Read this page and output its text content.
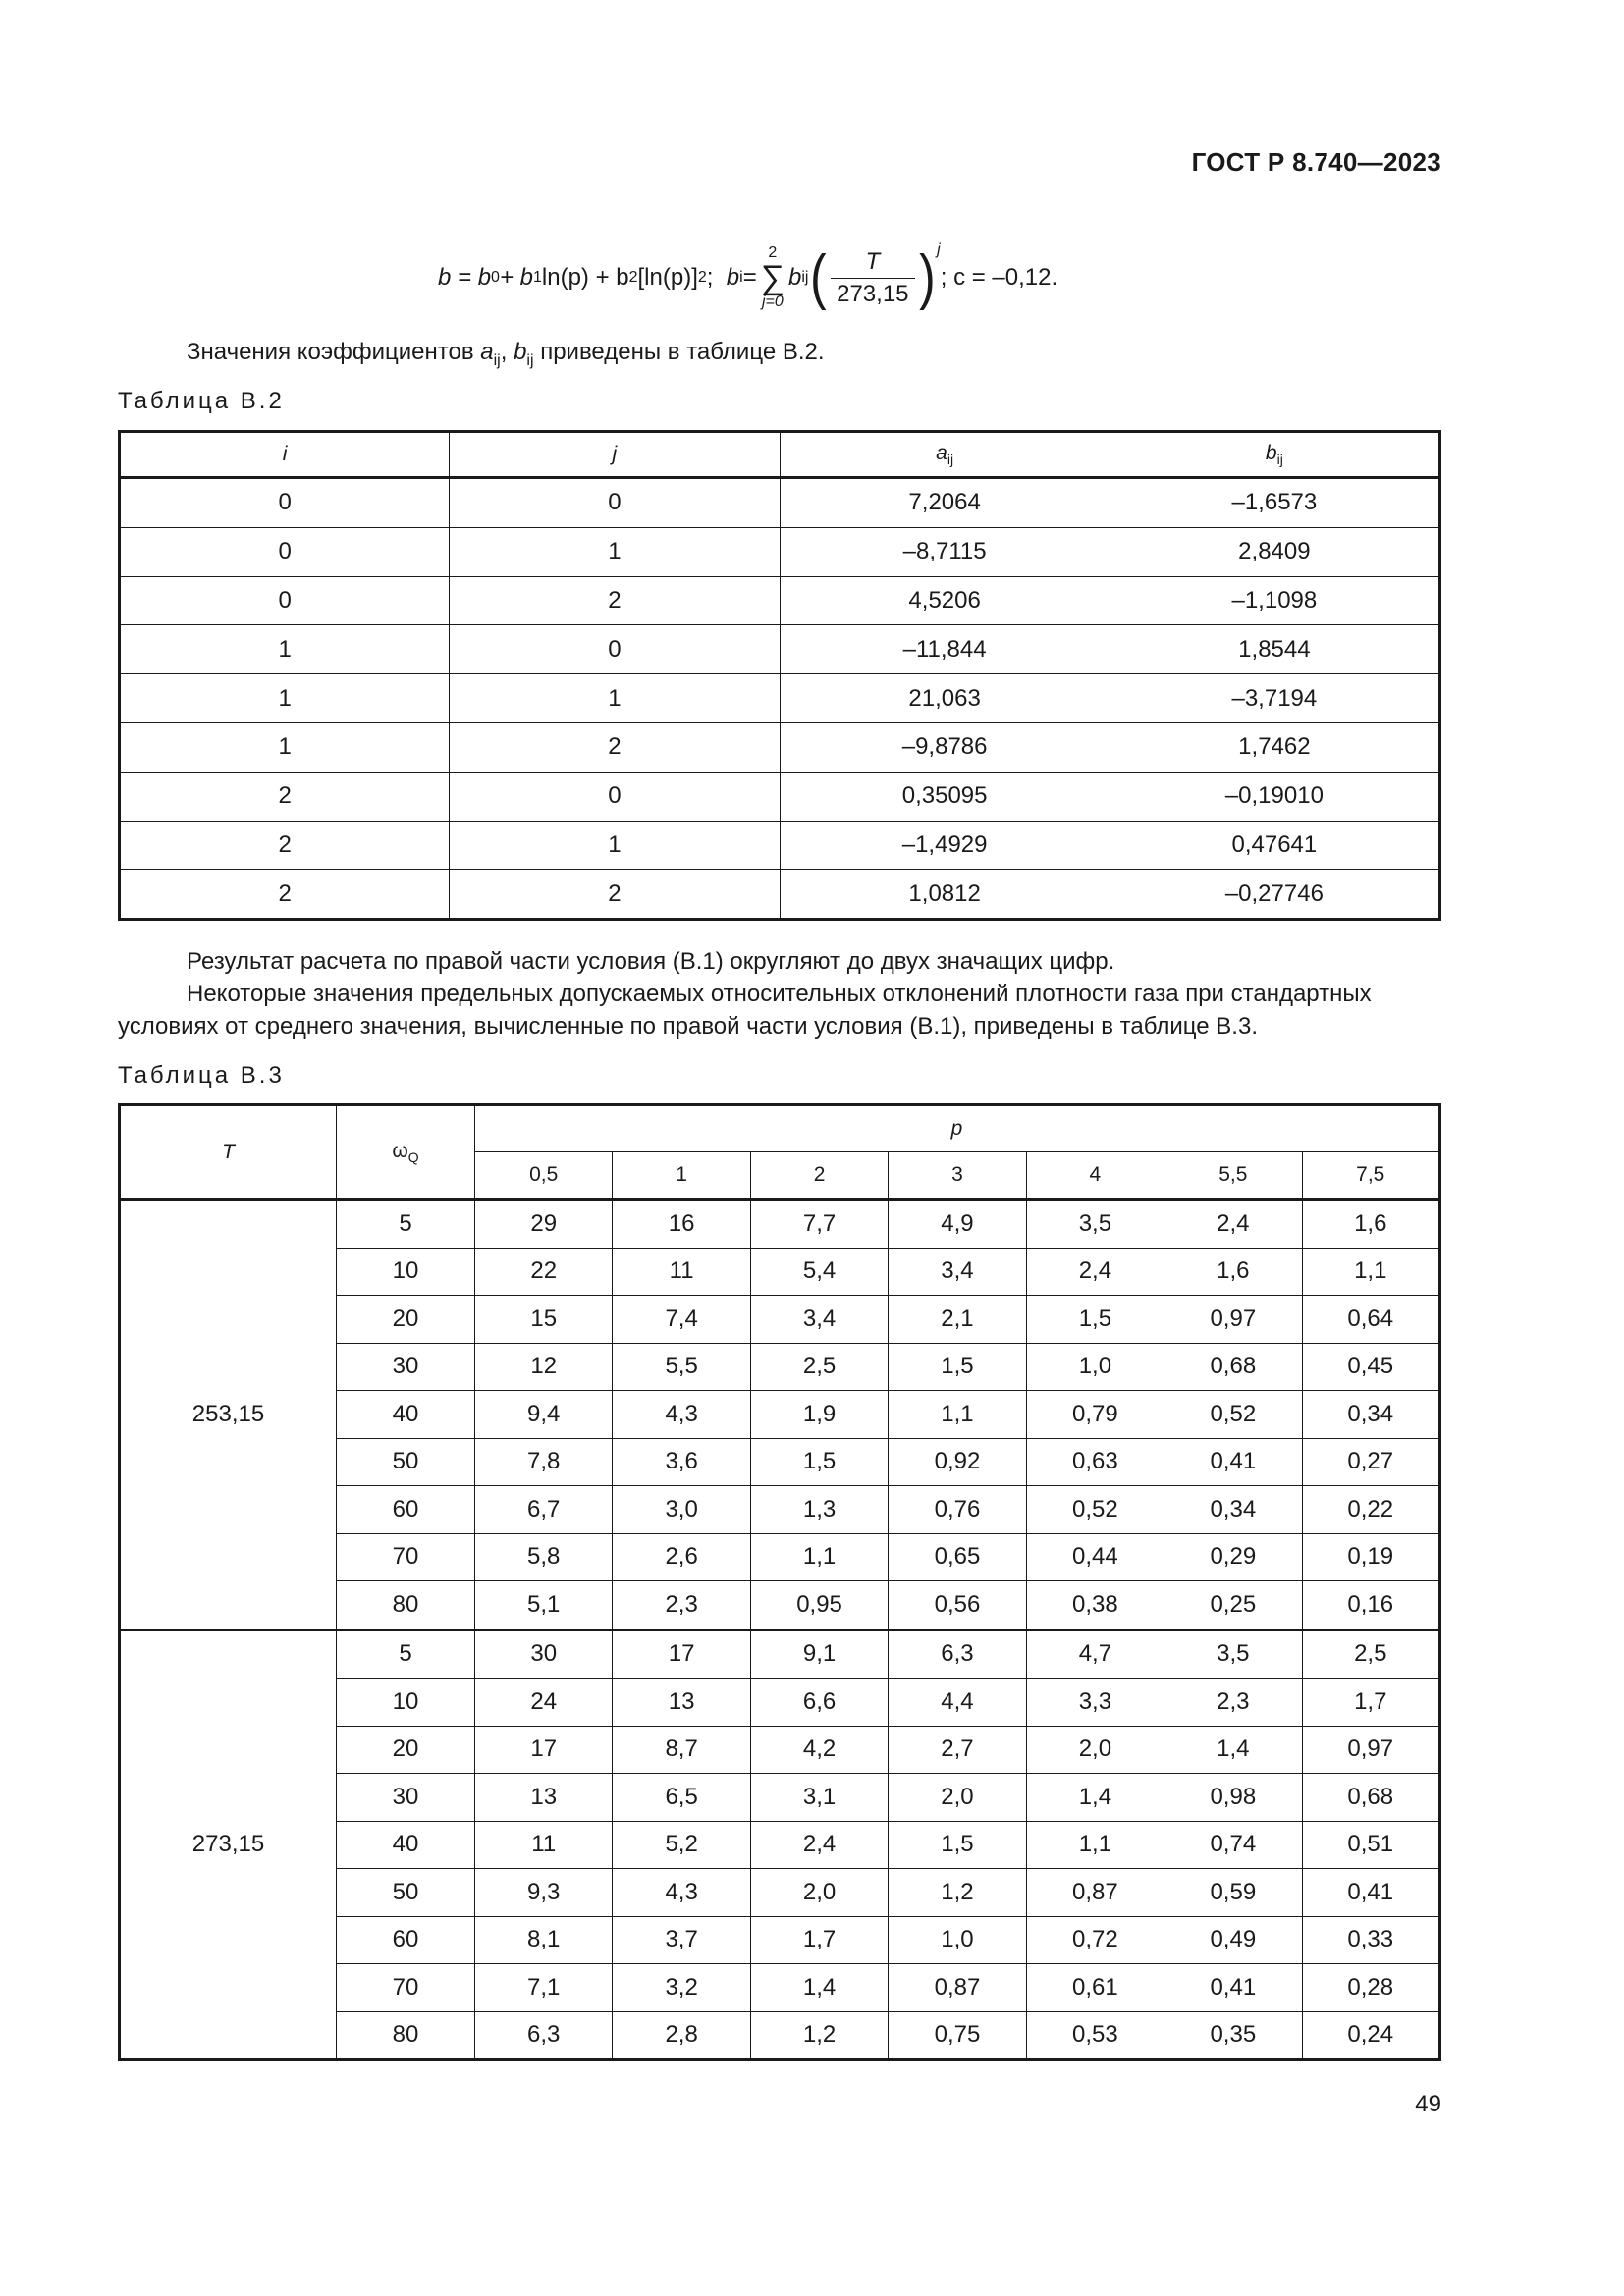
ГОСТ Р 8.740—2023
b = b 0 + b 1 ln(p) + b 2 [ln(p)] 2 ;
b i =
2
∑
j=0
b ij ( $\frac{T}{273,15}$ ) j
; c = –0,12.
Значения коэффициентов $a_{ij}$, $b_{ij}$ приведены в таблице В.2.
Таблица В.2
i	j	$a_{ij}$	$b_{ij}$
0	0	7,2064	–1,6573
0	1	–8,7115	2,8409
0	2	4,5206	–1,1098
1	0	–11,844	1,8544
1	1	21,063	–3,7194
1	2	–9,8786	1,7462
2	0	0,35095	–0,19010
2	1	–1,4929	0,47641
2	2	1,0812	–0,27746
Результат расчета по правой части условия (В.1) округляют до двух значащих цифр.
Некоторые значения предельных допускаемых относительных отклонений плотности газа при стандартных
условиях от среднего значения, вычисленные по правой части условия (В.1), приведены в таблице В.3.
Таблица В.3
T	$\omega_Q$	p						
		0,5	1	2	3	4	5,5	7,5
253,15	5	29	16	7,7	4,9	3,5	2,4	1,6
	10	22	11	5,4	3,4	2,4	1,6	1,1
	20	15	7,4	3,4	2,1	1,5	0,97	0,64
	30	12	5,5	2,5	1,5	1,0	0,68	0,45
	40	9,4	4,3	1,9	1,1	0,79	0,52	0,34
	50	7,8	3,6	1,5	0,92	0,63	0,41	0,27
	60	6,7	3,0	1,3	0,76	0,52	0,34	0,22
	70	5,8	2,6	1,1	0,65	0,44	0,29	0,19
	80	5,1	2,3	0,95	0,56	0,38	0,25	0,16
273,15	5	30	17	9,1	6,3	4,7	3,5	2,5
	10	24	13	6,6	4,4	3,3	2,3	1,7
	20	17	8,7	4,2	2,7	2,0	1,4	0,97
	30	13	6,5	3,1	2,0	1,4	0,98	0,68
	40	11	5,2	2,4	1,5	1,1	0,74	0,51
	50	9,3	4,3	2,0	1,2	0,87	0,59	0,41
	60	8,1	3,7	1,7	1,0	0,72	0,49	0,33
	70	7,1	3,2	1,4	0,87	0,61	0,41	0,28
	80	6,3	2,8	1,2	0,75	0,53	0,35	0,24
49
